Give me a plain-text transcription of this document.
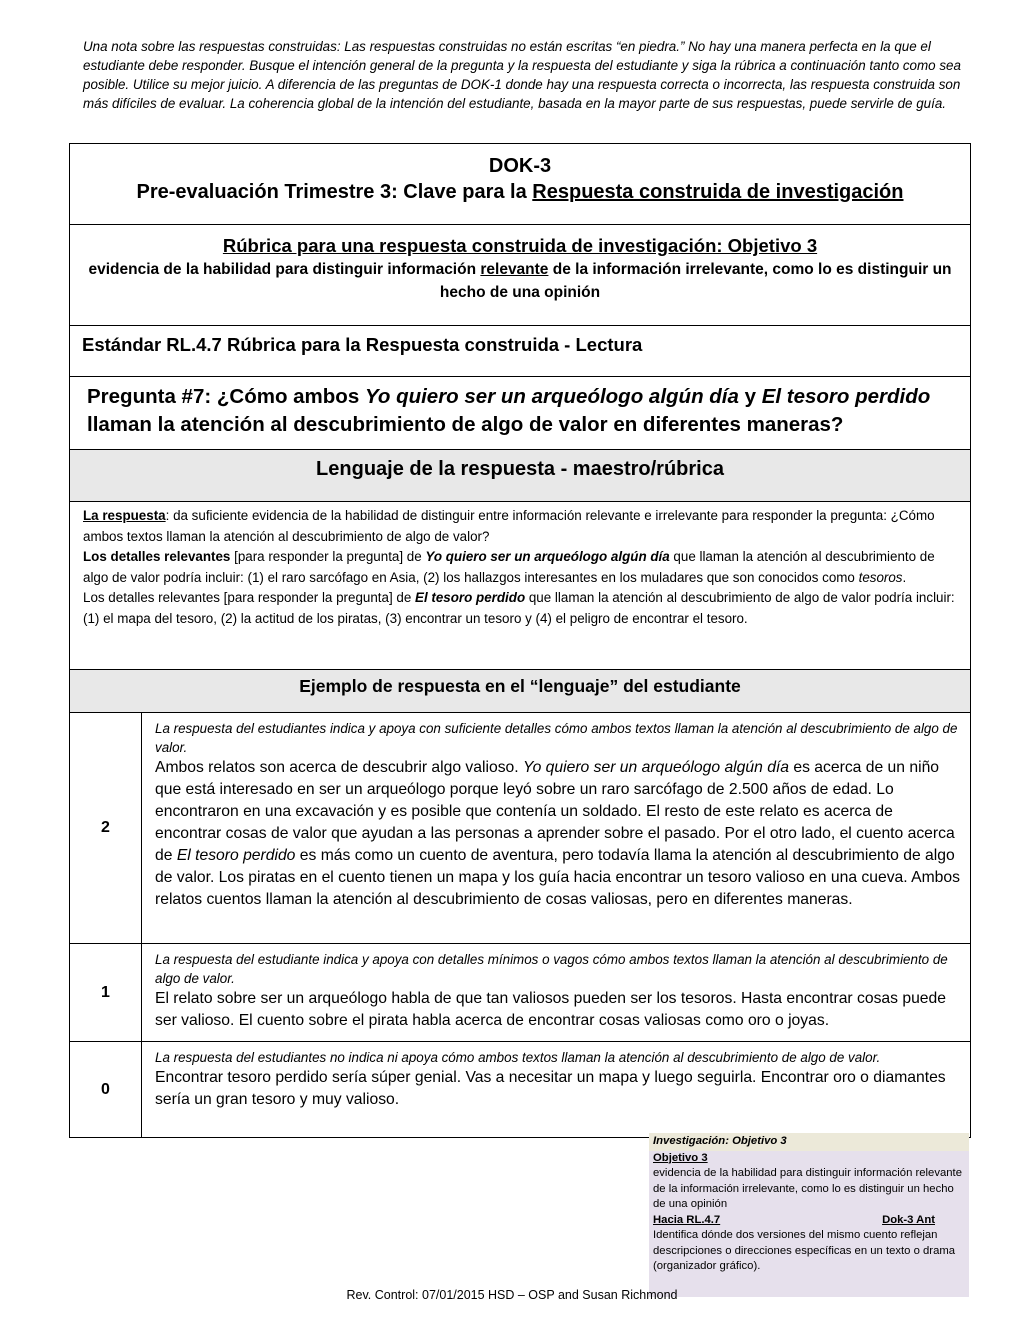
Una nota sobre las respuestas construidas: Las respuestas construidas no están escritas “en piedra.” No hay una manera perfecta en la que el estudiante debe responder. Busque el intención general de la pregunta y la respuesta del estudiante y siga la rúbrica a continuación tanto como sea posible. Utilice su mejor juicio. A diferencia de las preguntas de DOK-1 donde hay una respuesta correcta o incorrecta, las respuesta construida son más difíciles de evaluar. La coherencia global de la intención del estudiante, basada en la mayor parte de sus respuestas, puede servirle de guía.
DOK-3
Pre-evaluación Trimestre 3: Clave para la Respuesta construida de investigación	

Rúbrica para una respuesta construida de investigación: Objetivo 3
evidencia de la habilidad para distinguir información relevante de la información irrelevante, como lo es distinguir un hecho de una opinión	

Estándar RL.4.7 Rúbrica para la Respuesta construida - Lectura	
Pregunta #7: ¿Cómo ambos Yo quiero ser un arqueólogo algún día y El tesoro perdido llaman la atención al descubrimiento de algo de valor en diferentes maneras?	
Lenguaje de la respuesta - maestro/rúbrica	

La respuesta: da suficiente evidencia de la habilidad de distinguir entre información relevante e irrelevante para responder la pregunta: ¿Cómo ambos textos llaman la atención al descubrimiento de algo de valor?
Los detalles relevantes [para responder la pregunta] de Yo quiero ser un arqueólogo algún día que llaman la atención al descubrimiento de algo de valor podría incluir: (1) el raro sarcófago en Asia, (2) los hallazgos interesantes en los muladares que son conocidos como tesoros.
Los detalles relevantes [para responder la pregunta] de El tesoro perdido que llaman la atención al descubrimiento de algo de valor podría incluir: (1) el mapa del tesoro, (2) la actitud de los piratas, (3) encontrar un tesoro y (4) el peligro de encontrar el tesoro.	

Ejemplo de respuesta en el “lenguaje” del estudiante	
2	La respuesta del estudiantes indica y apoya con suficiente detalles cómo ambos textos llaman la atención al descubrimiento de algo de valor.
Ambos relatos son acerca de descubrir algo valioso. Yo quiero ser un arqueólogo algún día es acerca de un niño que está interesado en ser un arqueólogo porque leyó sobre un raro sarcófago de 2.500 años de edad. Lo encontraron en una excavación y es posible que contenía un soldado. El resto de este relato es acerca de encontrar cosas de valor que ayudan a las personas a aprender sobre el pasado. Por el otro lado, el cuento acerca de El tesoro perdido es más como un cuento de aventura, pero todavía llama la atención al descubrimiento de algo de valor. Los piratas en el cuento tienen un mapa y los guía hacia encontrar un tesoro valioso en una cueva. Ambos relatos cuentos llaman la atención al descubrimiento de cosas valiosas, pero en diferentes maneras.

1	La respuesta del estudiante indica y apoya con detalles mínimos o vagos cómo ambos textos llaman la atención al descubrimiento de algo de valor.
El relato sobre ser un arqueólogo habla de que tan valiosos pueden ser los tesoros. Hasta encontrar cosas puede ser valioso. El cuento sobre el pirata habla acerca de encontrar cosas valiosas como oro o joyas.

0	La respuesta del estudiantes no indica ni apoya cómo ambos textos llaman la atención al descubrimiento de algo de valor.
Encontrar tesoro perdido sería súper genial. Vas a necesitar un mapa y luego seguirla. Encontrar oro o diamantes sería un gran tesoro y muy valioso.
Investigación: Objetivo 3
Objetivo 3
evidencia de la habilidad para distinguir información relevante de la información irrelevante, como lo es distinguir un hecho de una opinión
Hacia RL.4.7	Dok-3 Ant
Identifica dónde dos versiones del mismo cuento reflejan descripciones o direcciones específicas en un texto o drama (organizador gráfico).
Rev. Control: 07/01/2015 HSD – OSP and Susan Richmond
